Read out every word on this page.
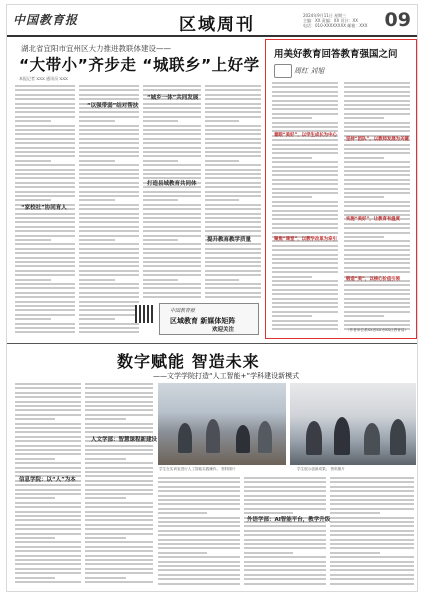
中国教育报	区域周刊	2024年9月11日 星期三
主编：XX 责编：XX 设计：XX
电话：010-XXXXXXXX 邮箱：XXX 09
湖北省宜阳市宜州区大力推进教联体建设——
“大带小”齐步走 “城联乡”上好学
本报记者 XXX 通讯员 XXX
“家校社”协同育人
“以强带弱”结对帮扶
“城乡一体”共同发展
打造县域教育共同体
提升教育教学质量
中国教育报
区域教育 新媒体矩阵
欢迎关注
用美好教育回答教育强国之问
周红 刘旭
着眼“美好”，以学生成长为中心
聚焦“课堂”，以教学改革为牵引
坚持“团队”，以教师发展为关键
实施“美好”，让教育有温度
锻造“美”，以核心价值引领
（作者单位系XX省XX市XX区教育局）
数字赋能 智造未来
——文学学院打造“人工智能+”学科建设新模式
人文学部：智慧课程新建设
外语学部：AI智能平台，教学升级
信息学院：以“人”为本
学生在实训室进行人工智能实践操作。 资料图片	学生展示创新成果。 资料图片
